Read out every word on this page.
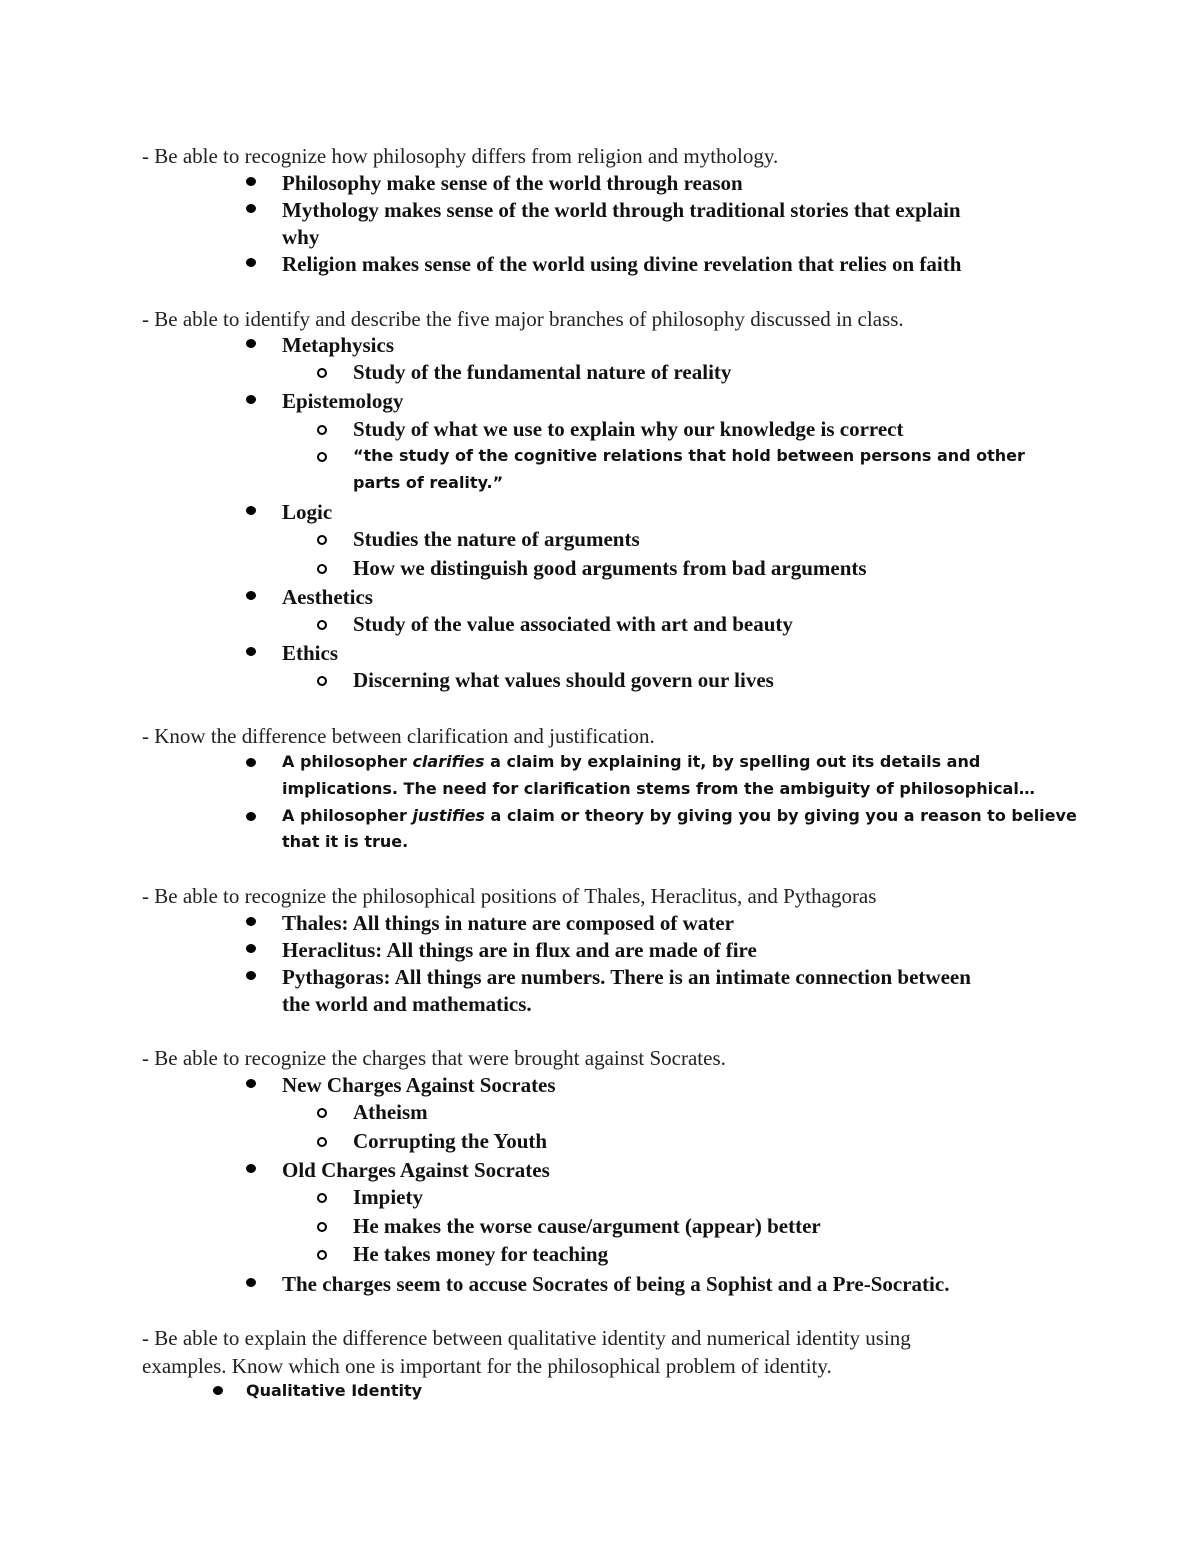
- Be able to recognize how philosophy differs from religion and mythology.
Philosophy make sense of the world through reason
Mythology makes sense of the world through traditional stories that explain
why
Religion makes sense of the world using divine revelation that relies on faith
- Be able to identify and describe the five major branches of philosophy discussed in class.
Metaphysics
Study of the fundamental nature of reality
Epistemology
Study of what we use to explain why our knowledge is correct
“the study of the cognitive relations that hold between persons and other
parts of reality.”
Logic
Studies the nature of arguments
How we distinguish good arguments from bad arguments
Aesthetics
Study of the value associated with art and beauty
Ethics
Discerning what values should govern our lives
- Know the difference between clarification and justification.
A philosopher clarifies a claim by explaining it, by spelling out its details and
implications. The need for clarification stems from the ambiguity of philosophical…
A philosopher justifies a claim or theory by giving you by giving you a reason to believe
that it is true.
- Be able to recognize the philosophical positions of Thales, Heraclitus, and Pythagoras
Thales: All things in nature are composed of water
Heraclitus: All things are in flux and are made of fire
Pythagoras: All things are numbers. There is an intimate connection between
the world and mathematics.
- Be able to recognize the charges that were brought against Socrates.
New Charges Against Socrates
Atheism
Corrupting the Youth
Old Charges Against Socrates
Impiety
He makes the worse cause/argument (appear) better
He takes money for teaching
The charges seem to accuse Socrates of being a Sophist and a Pre-Socratic.
- Be able to explain the difference between qualitative identity and numerical identity using
examples. Know which one is important for the philosophical problem of identity.
Qualitative Identity
